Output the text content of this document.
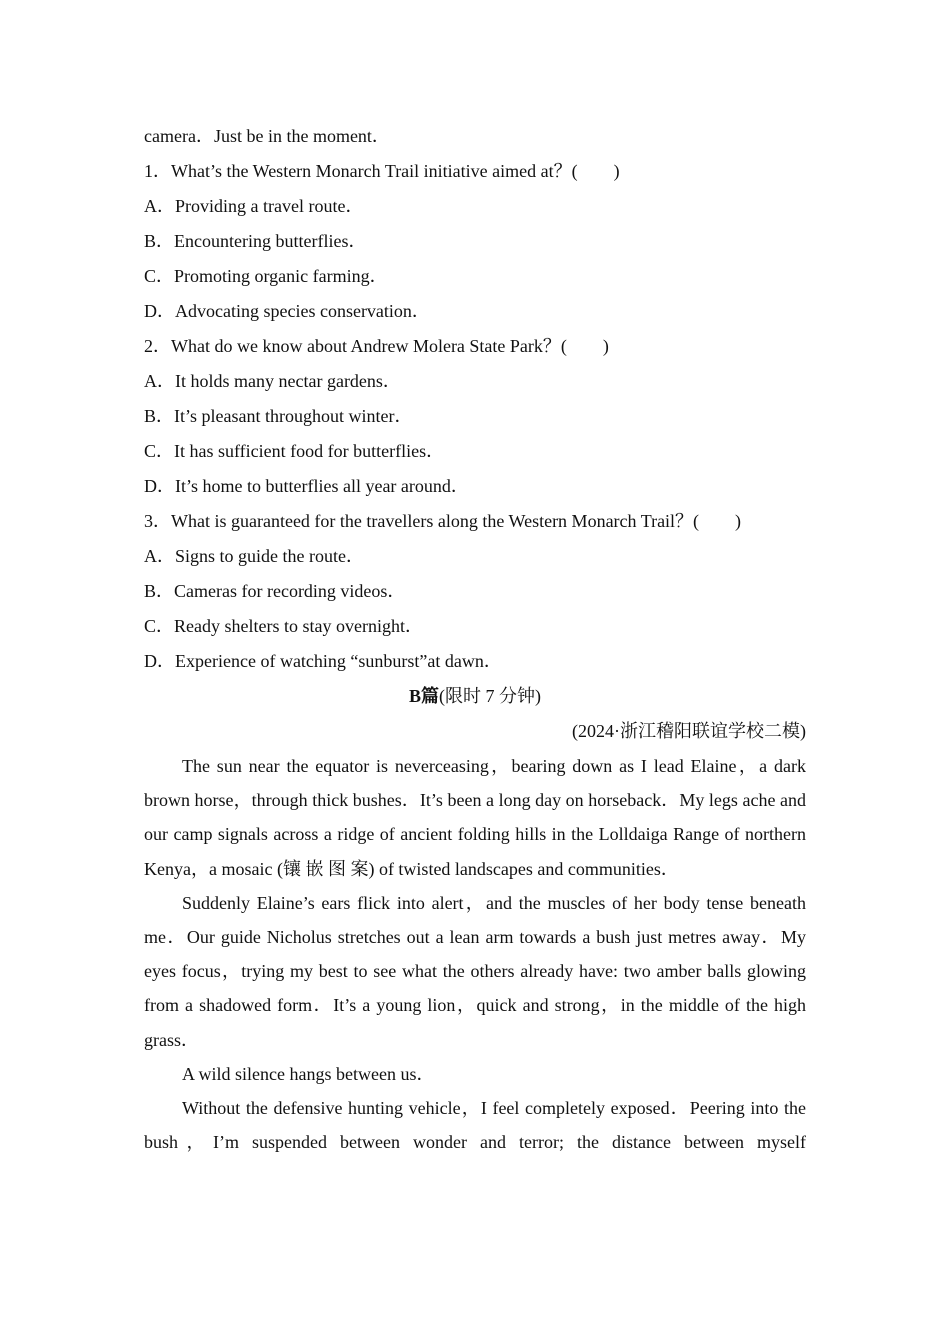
camera．Just be in the moment．
1．What’s the Western Monarch Trail initiative aimed at？(　　)
A．Providing a travel route．
B．Encountering butterflies．
C．Promoting organic farming．
D．Advocating species conservation．
2．What do we know about Andrew Molera State Park？(　　)
A．It holds many nectar gardens．
B．It’s pleasant throughout winter．
C．It has sufficient food for butterflies．
D．It’s home to butterflies all year around．
3．What is guaranteed for the travellers along the Western Monarch Trail？(　　)
A．Signs to guide the route．
B．Cameras for recording videos．
C．Ready shelters to stay overnight．
D．Experience of watching “sunburst”at dawn．
B篇(限时 7 分钟)
(2024·浙江稽阳联谊学校二模)

The sun near the equator is neverceasing，bearing down as I lead Elaine，a dark brown horse，through thick bushes．It’s been a long day on horseback．My legs ache and our camp signals across a ridge of ancient folding hills in the Lolldaiga Range of northern Kenya，a mosaic (镶 嵌 图 案) of twisted landscapes and communities．

Suddenly Elaine’s ears flick into alert，and the muscles of her body tense beneath me．Our guide Nicholus stretches out a lean arm towards a bush just metres away．My eyes focus，trying my best to see what the others already have: two amber balls glowing from a shadowed form．It’s a young lion，quick and strong，in the middle of the high grass．

A wild silence hangs between us．

Without the defensive hunting vehicle，I feel completely exposed．Peering into the bush，I’m suspended between wonder and terror; the distance between myself
